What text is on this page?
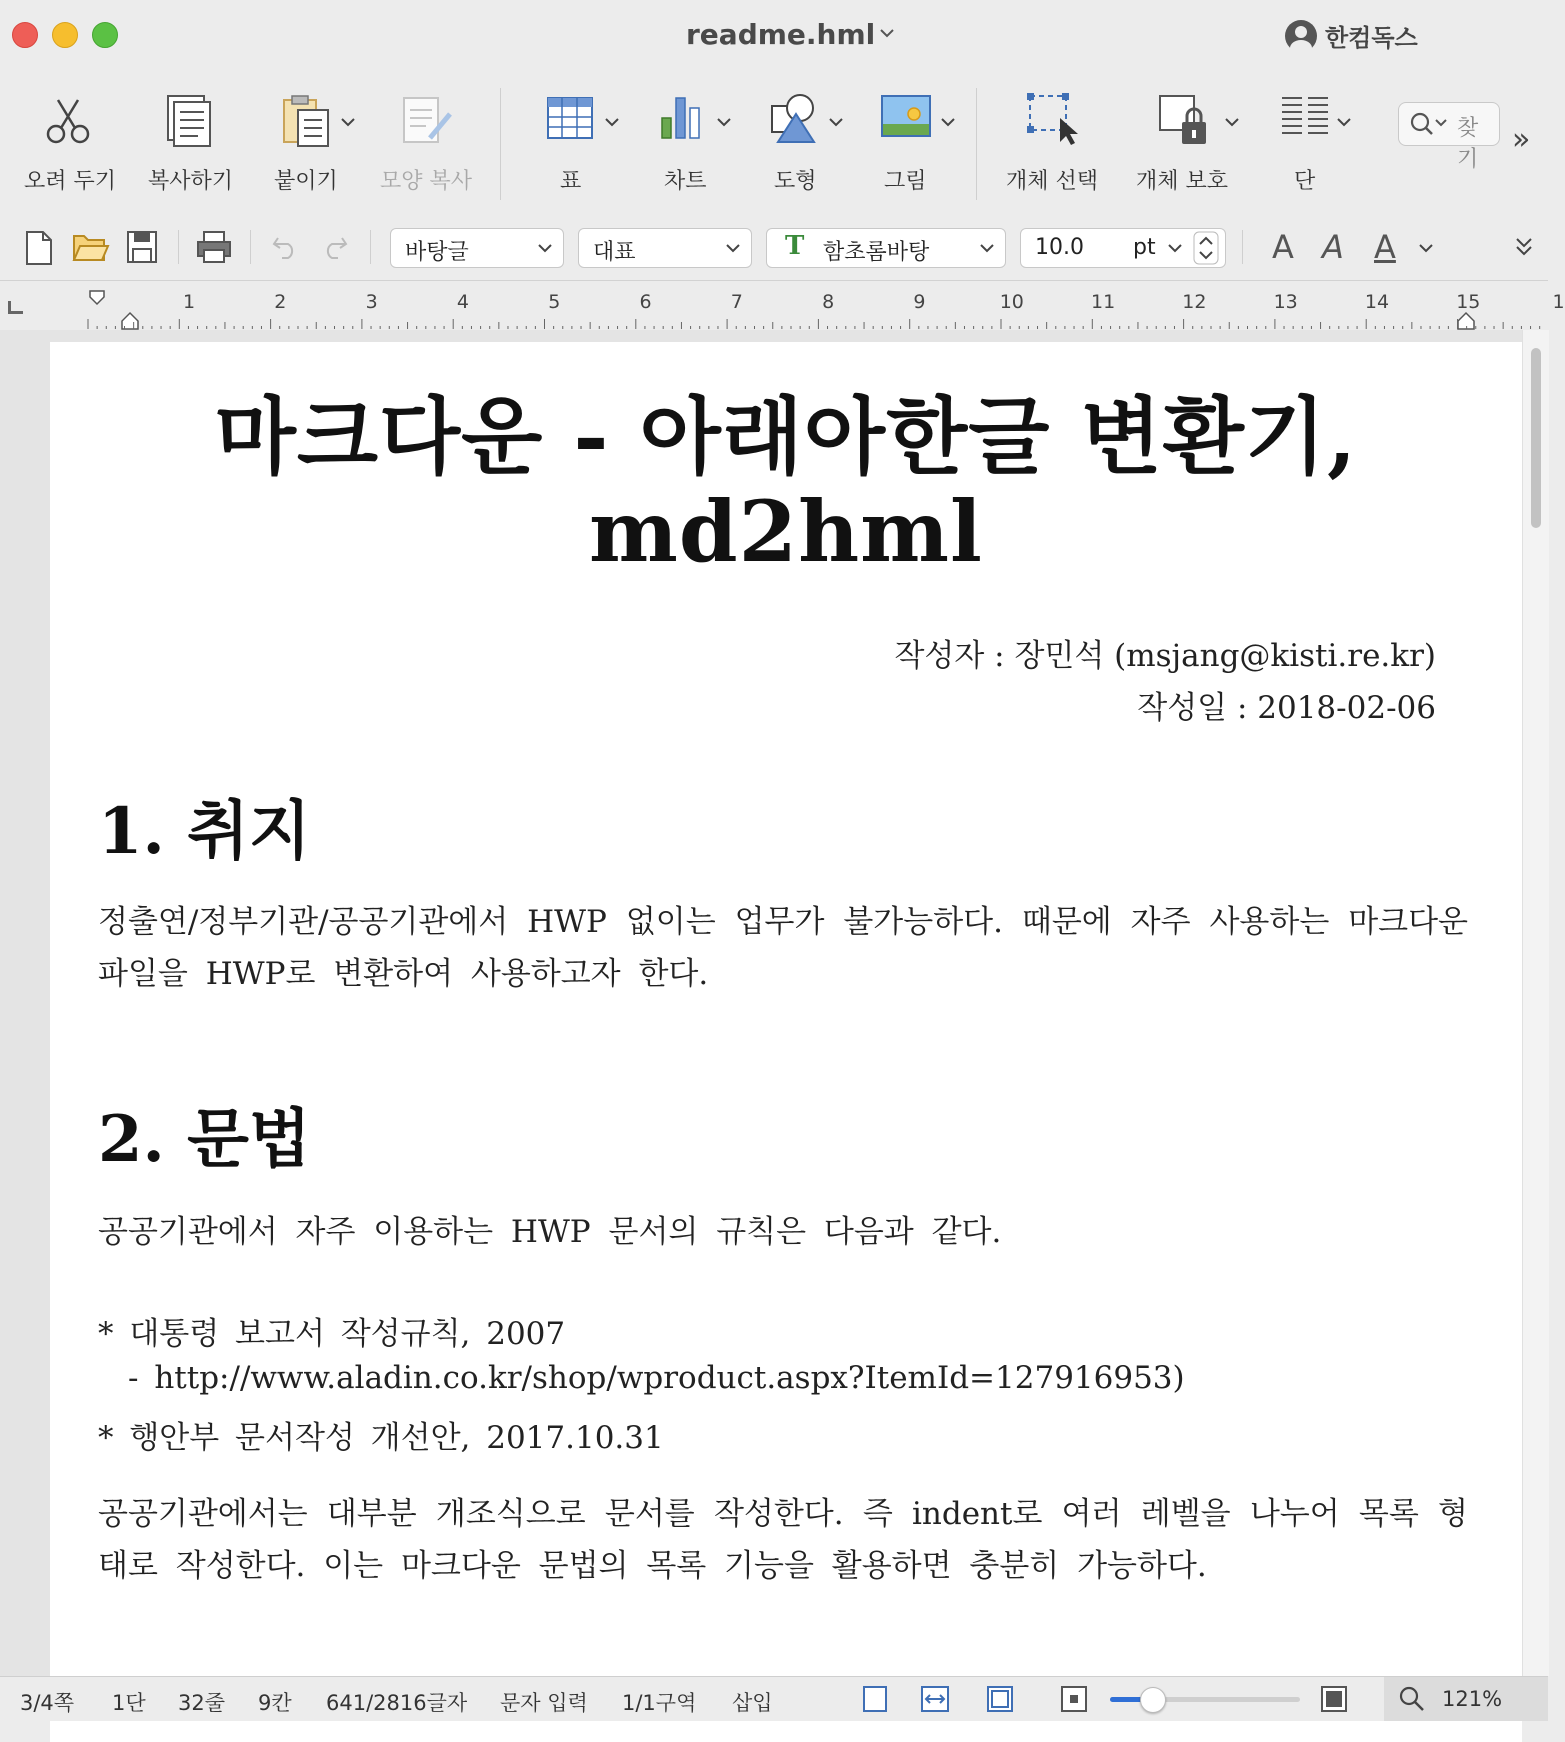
readme.hml	한컴독스
오려 두기 복사하기 붙이기 모양 복사	표	차트	도형	그림	개체 선택 개체 보호	단
찾기
»
바탕글	대표	T 함초롬바탕	10.0 pt	A A A
1	2	3	4	5	6	7	8	9	10	11	12	13	14	15	1
마크다운 - 아래아한글 변환기,
md2hml
작성자 : 장민석 (msjang@kisti.re.kr)
작성일 : 2018-02-06
1. 취지
정출연/정부기관/공공기관에서 HWP 없이는 업무가 불가능하다. 때문에 자주 사용하는 마크다운 파일을 HWP로 변환하여 사용하고자 한다.
2. 문법
공공기관에서 자주 이용하는 HWP 문서의 규칙은 다음과 같다.
* 대통령 보고서 작성규칙, 2007
- http://www.aladin.co.kr/shop/wproduct.aspx?ItemId=127916953)
* 행안부 문서작성 개선안, 2017.10.31
공공기관에서는 대부분 개조식으로 문서를 작성한다. 즉 indent로 여러 레벨을 나누어 목록 형태로 작성한다. 이는 마크다운 문법의 목록 기능을 활용하면 충분히 가능하다.
3/4쪽 1단 32줄 9칸 641/2816글자 문자 입력 1/1구역 삽입	121%
